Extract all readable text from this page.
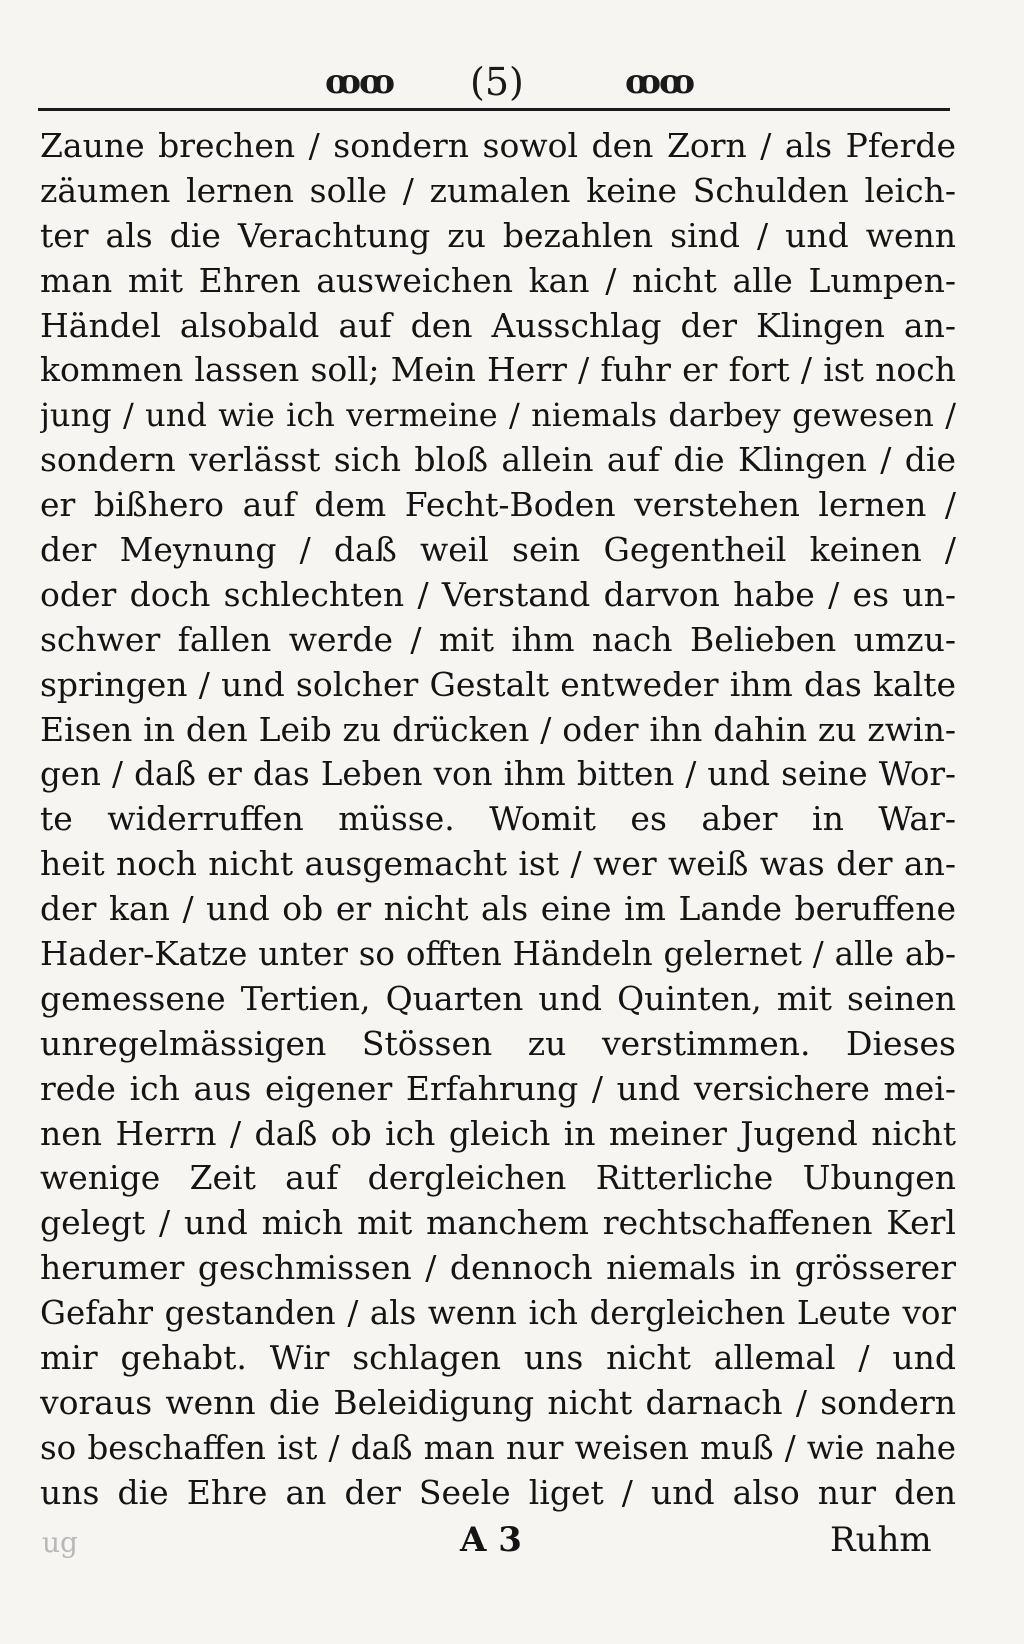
ꝏꝏ (5)	ꝏꝏ
Zaune brechen / sondern sowol den Zorn / als Pferde
zäumen lernen solle / zumalen keine Schulden leich-
ter als die Verachtung zu bezahlen sind / und wenn
man mit Ehren ausweichen kan / nicht alle Lumpen-
Händel alsobald auf den Ausschlag der Klingen an-
kommen lassen soll; Mein Herr / fuhr er fort / ist noch
jung / und wie ich vermeine / niemals darbey gewesen /
sondern verlässt sich bloß allein auf die Klingen / die
er bißhero auf dem Fecht-Boden verstehen lernen /
der Meynung / daß weil sein Gegentheil keinen /
oder doch schlechten / Verstand darvon habe / es un-
schwer fallen werde / mit ihm nach Belieben umzu-
springen / und solcher Gestalt entweder ihm das kalte
Eisen in den Leib zu drücken / oder ihn dahin zu zwin-
gen / daß er das Leben von ihm bitten / und seine Wor-
te widerruffen müsse. Womit es aber in War-
heit noch nicht ausgemacht ist / wer weiß was der an-
der kan / und ob er nicht als eine im Lande beruffene
Hader-Katze unter so offten Händeln gelernet / alle ab-
gemessene Tertien, Quarten und Quinten, mit seinen
unregelmässigen Stössen zu verstimmen. Dieses
rede ich aus eigener Erfahrung / und versichere mei-
nen Herrn / daß ob ich gleich in meiner Jugend nicht
wenige Zeit auf dergleichen Ritterliche Ubungen
gelegt / und mich mit manchem rechtschaffenen Kerl
herumer geschmissen / dennoch niemals in grösserer
Gefahr gestanden / als wenn ich dergleichen Leute vor
mir gehabt. Wir schlagen uns nicht allemal / und
voraus wenn die Beleidigung nicht darnach / sondern
so beschaffen ist / daß man nur weisen muß / wie nahe
uns die Ehre an der Seele liget / und also nur den
ug	A 3	Ruhm
